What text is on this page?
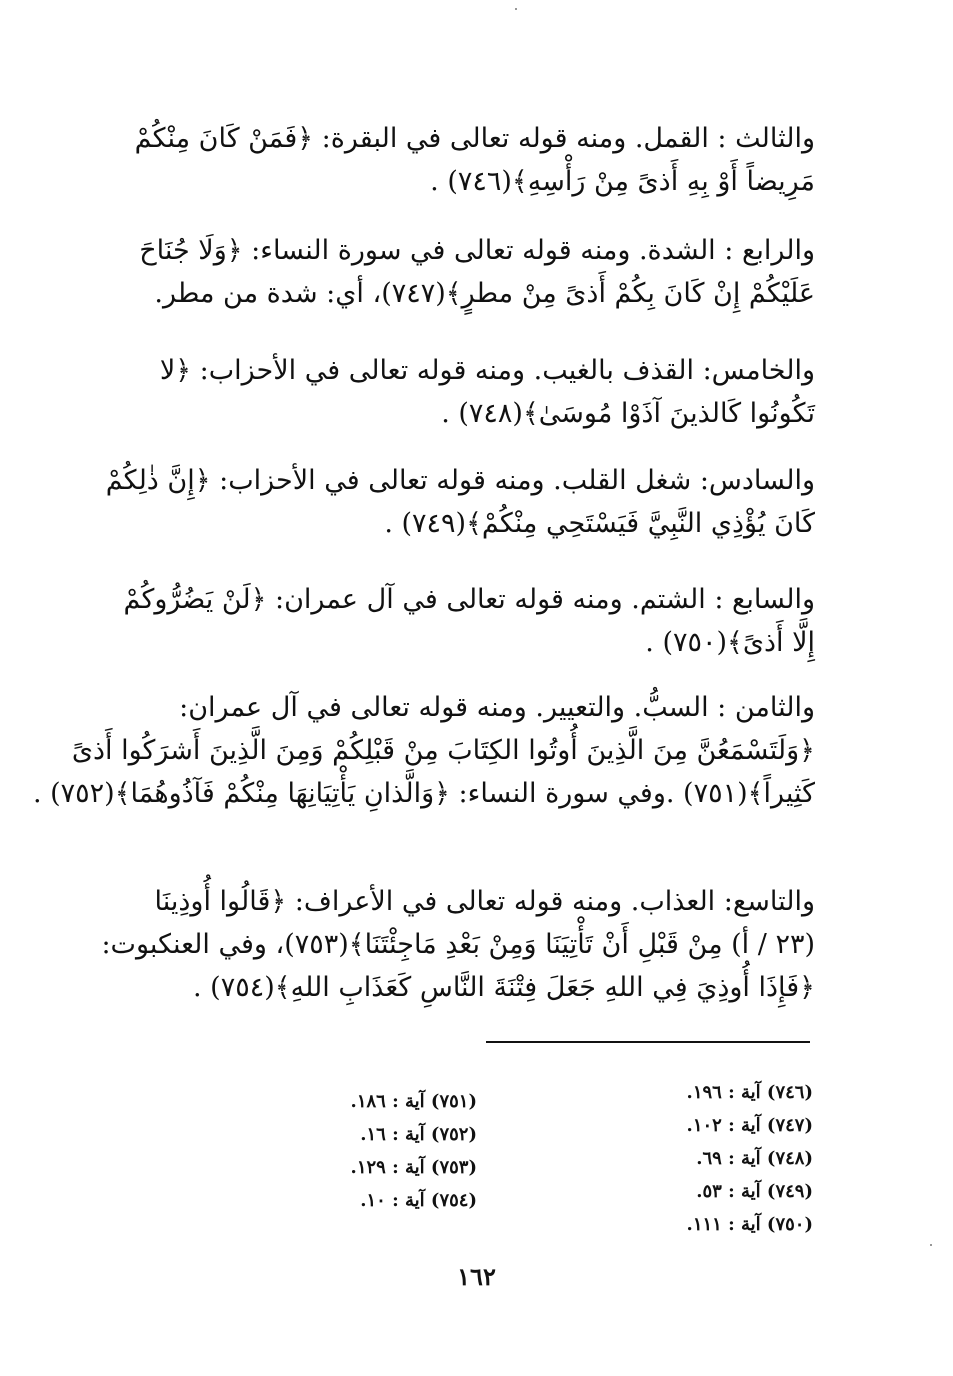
والثالث : القمل. ومنه قوله تعالى في البقرة: ﴿فَمَنْ كَانَ مِنْكُمْ
مَرِيضاً أَوْ بِهِ أَذىً مِنْ رَأْسِهِ﴾(٧٤٦) .
والرابع : الشدة. ومنه قوله تعالى في سورة النساء: ﴿وَلَا جُنَاحَ
عَلَيْكُمْ إِنْ كَانَ بِكُمْ أَذىً مِنْ مطرٍ﴾(٧٤٧)، أي: شدة من مطر.
والخامس: القذف بالغيب. ومنه قوله تعالى في الأحزاب: ﴿لا
تَكُونُوا كَالذينَ آذَوْا مُوسَىٰ﴾(٧٤٨) .
والسادس: شغل القلب. ومنه قوله تعالى في الأحزاب: ﴿إِنَّ ذٰلِكُمْ
كَانَ يُؤْذِي النَّبِيَّ فَيَسْتَحِي مِنْكُمْ﴾(٧٤٩) .
والسابع : الشتم. ومنه قوله تعالى في آل عمران: ﴿لَنْ يَضُرُّوكُمْ
إِلَّا أَذىً﴾(٧٥٠) .
والثامن : السبُّ. والتعيير. ومنه قوله تعالى في آل عمران:
﴿وَلَتَسْمَعُنَّ مِنَ الَّذِينَ أُوتُوا الكِتَابَ مِنْ قَبْلِكُمْ وَمِنَ الَّذِينَ أَشرَكُوا أَذىً
كَثِيراً﴾(٧٥١) .وفي سورة النساء: ﴿وَالَّذانِ يَأْتِيَانِهَا مِنْكُمْ فَآذُوهُمَا﴾(٧٥٢) .
والتاسع: العذاب. ومنه قوله تعالى في الأعراف: ﴿قَالُوا أُوذِينَا
(٢٣ / أ) مِنْ قَبْلِ أَنْ تَأْتِيَنَا وَمِنْ بَعْدِ مَاجِئْتَنَا﴾(٧٥٣)، وفي العنكبوت:
﴿فَإِذَا أُوذِيَ فِي اللهِ جَعَلَ فِتْنَةَ النَّاسِ كَعَذَابِ اللهِ﴾(٧٥٤) .
(٧٤٦) آية : ١٩٦.
(٧٤٧) آية : ١٠٢.
(٧٤٨) آية : ٦٩.
(٧٤٩) آية : ٥٣.
(٧٥٠) آية : ١١١.
(٧٥١) آية : ١٨٦.
(٧٥٢) آية : ١٦.
(٧٥٣) آية : ١٢٩.
(٧٥٤) آية : ١٠.
١٦٢
